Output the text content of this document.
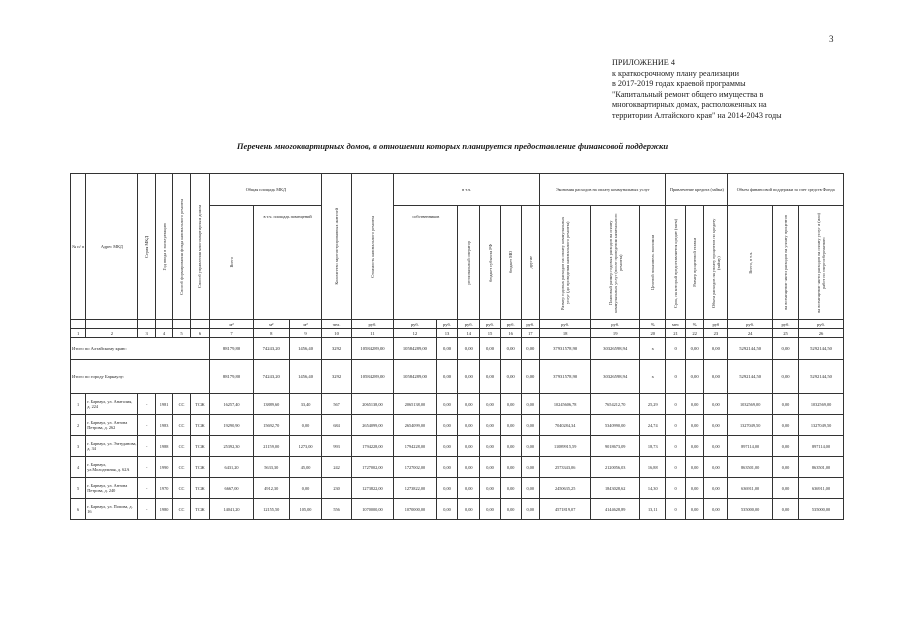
3
ПРИЛОЖЕНИЕ 4
к краткосрочному плану реализации
в 2017-2019 годах краевой программы
"Капитальный ремонт общего имущества в
многоквартирных домах, расположенных на
территории Алтайского края" на 2014-2043 годы
Перечень многоквартирных домов, в отношении которых планируется предоставление финансовой поддержки
№ п/ п	Адрес МКД	Серия МКД	Год ввода в эксплуатацию	Способ формирования фонда капитального ремонта	Способ управления многоквартирным домом	Общая площадь МКД			Количество зарегистрированных жителей	Стоимость капитального ремонта	в т.ч.						Экономия расходов на оплату коммунальных услуг			Привлечение кредита (займа)			Объем финансовой поддержки за счет средств Фонда		

						Всего	в т.ч. площадь помещений				собственников		региональный оператор	бюджет субъекта РФ	бюджет МО	другие	Размер годовых расходов на оплату коммунальных услуг (до проведения капитального ремонта)	Плановый размер годовых расходов на оплату коммунальных услуг (после проведения капитального ремонта)	Целевой показатель экономии	Срок, на который предоставляется кредит (заем)	Размер процентной ставки	Объем расходов на уплату процентов по кредиту (займу)	Всего, в т.ч.	на возмещение части расходов на уплату процентов	на возмещение части расходов на оплату услуг и (или) работ по энергосбережению

						м²	м²	м²	чел.	руб.	руб.	руб.	руб.	руб.	руб.	руб.	руб.	руб.	%	мес	%	руб	руб.	руб.	руб.
1	2	3	4	5	6	7	8	9	10	11	12	13	14	15	16	17	18	19	20	21	22	23	24	25	26
Итого по Алтайскому краю:						88179,80	74243,20	1456,40	3292	10584289,00	10584289,00	0,00	0,00	0,00	0,00	0,00	37931578,90	30326598,94	x	0	0,00	0,00	5292144,50	0,00	5292144,50
Итого по городу Барнаулу:						88179,80	74243,20	1456,40	3292	10584289,00	10584289,00	0,00	0,00	0,00	0,00	0,00	37931578,90	30326598,94	x	0	0,00	0,00	5292144,50	0,00	5292144,50
1	г. Барнаул, ул. Анатолия, д. 224	-	1981	СС	ТСЖ	16257,40	13889,60	33,40	567	2065138,00	2065138,00	0,00	0,00	0,00	0,00	0,00	10245606,78	7654212,70	25,29	0	0,00	0,00	1032569,00	0,00	1032569,00
2	г. Барнаул, ул. Антона Петрова, д. 262	-	1983	СС	ТСЖ	19290,90	15692,70	0,00	684	2654099,00	2654099,00	0,00	0,00	0,00	0,00	0,00	7040284,34	5340990,00	24,74	0	0,00	0,00	1327049,50	0,00	1327049,50
3	г. Барнаул, ул. Эмтуданова, д. 34	-	1988	СС	ТСЖ	25392,30	21159,00	1273,00	993	1794228,00	1794228,00	0,00	0,00	0,00	0,00	0,00	11089915,59	9018673,09	18,73	0	0,00	0,00	897114,00	0,00	897114,00
4	г. Барнаул, ул.Молодежная, д. 62А	-	1990	СС	ТСЖ	6431,20	5633,30	45,00	242	1727002,00	1727002,00	0,00	0,00	0,00	0,00	0,00	2573343,06	2120056,03	16,88	0	0,00	0,00	863501,00	0,00	863501,00
5	г. Барнаул, ул. Антона Петрова, д. 240	-	1970	СС	ТСЖ	6667,00	4912,30	0,00	230	1273822,00	1273822,00	0,00	0,00	0,00	0,00	0,00	2450635,25	1843028,62	14,30	0	0,00	0,00	636911,00	0,00	636911,00
6	г. Барнаул, ул. Попова, д. 16	-	1980	СС	ТСЖ	14041,20	12155,50	105,00	556	1070000,00	1070000,00	0,00	0,00	0,00	0,00	0,00	4571819,07	4144628,89	13,11	0	0,00	0,00	535000,00	0,00	535000,00
